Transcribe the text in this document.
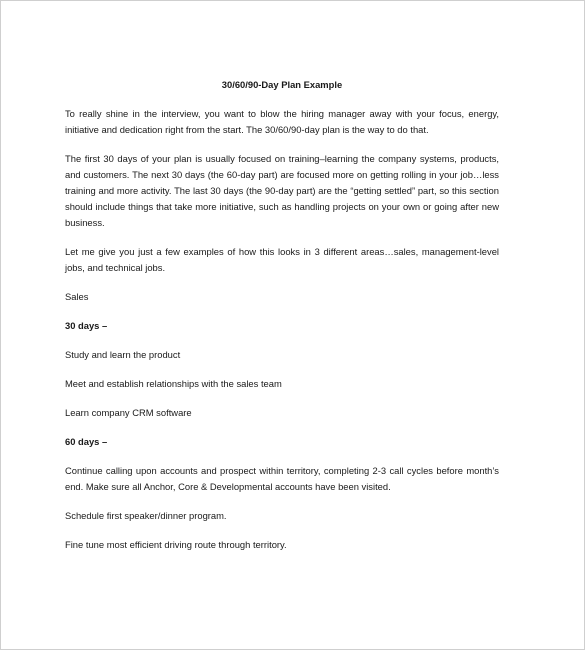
30/60/90-Day Plan Example

To really shine in the interview, you want to blow the hiring manager away with your focus, energy, initiative and dedication right from the start. The 30/60/90-day plan is the way to do that.

The first 30 days of your plan is usually focused on training–learning the company systems, products, and customers. The next 30 days (the 60-day part) are focused more on getting rolling in your job…less training and more activity. The last 30 days (the 90-day part) are the “getting settled” part, so this section should include things that take more initiative, such as handling projects on your own or going after new business.

Let me give you just a few examples of how this looks in 3 different areas…sales, management-level jobs, and technical jobs.

Sales
30 days –
Study and learn the product
Meet and establish relationships with the sales team
Learn company CRM software
60 days –

Continue calling upon accounts and prospect within territory, completing 2-3 call cycles before month’s end. Make sure all Anchor, Core & Developmental accounts have been visited.

Schedule first speaker/dinner program.
Fine tune most efficient driving route through territory.
